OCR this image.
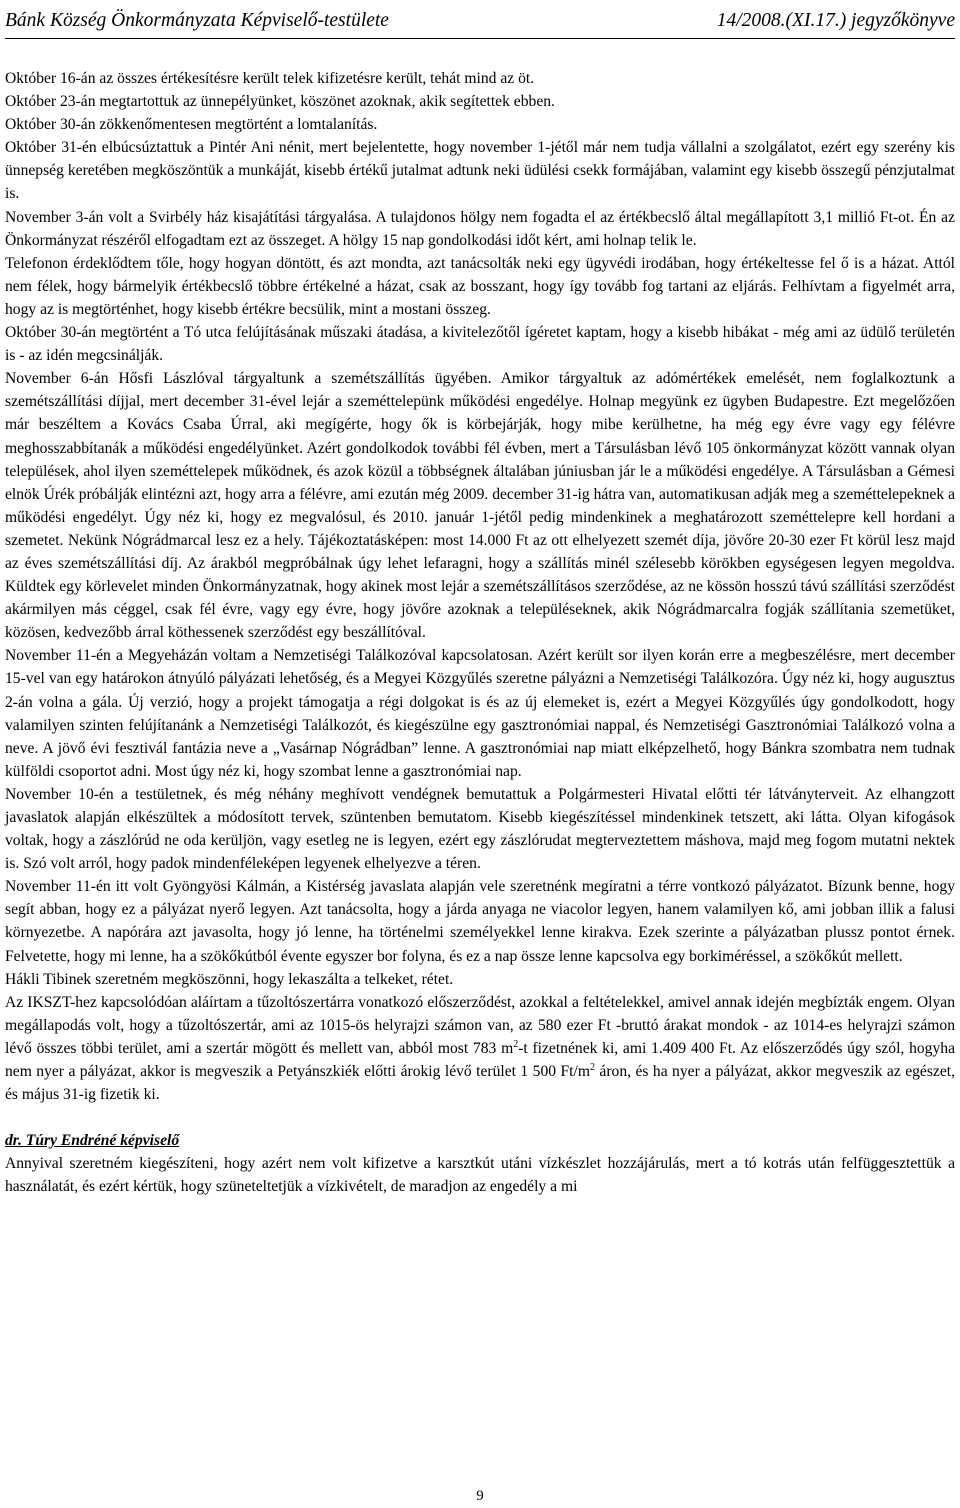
Bánk Község Önkormányzata Képviselő-testülete	14/2008.(XI.17.) jegyzőkönyve

Október 16-án az összes értékesítésre került telek kifizetésre került, tehát mind az öt.

Október 23-án megtartottuk az ünnepélyünket, köszönet azoknak, akik segítettek ebben.

Október 30-án zökkenőmentesen megtörtént a lomtalanítás.

Október 31-én elbúcsúztattuk a Pintér Ani nénit, mert bejelentette, hogy november 1-jétől már nem tudja vállalni a szolgálatot, ezért egy szerény kis ünnepség keretében megköszöntük a munkáját, kisebb értékű jutalmat adtunk neki üdülési csekk formájában, valamint egy kisebb összegű pénzjutalmat is.

November 3-án volt a Svirbély ház kisajátítási tárgyalása. A tulajdonos hölgy nem fogadta el az értékbecslő által megállapított 3,1 millió Ft-ot. Én az Önkormányzat részéről elfogadtam ezt az összeget. A hölgy 15 nap gondolkodási időt kért, ami holnap telik le.

Telefonon érdeklődtem tőle, hogy hogyan döntött, és azt mondta, azt tanácsolták neki egy ügyvédi irodában, hogy értékeltesse fel ő is a házat. Attól nem félek, hogy bármelyik értékbecslő többre értékelné a házat, csak az bosszant, hogy így tovább fog tartani az eljárás. Felhívtam a figyelmét arra, hogy az is megtörténhet, hogy kisebb értékre becsülik, mint a mostani összeg.

Október 30-án megtörtént a Tó utca felújításának műszaki átadása, a kivitelezőtől ígéretet kaptam, hogy a kisebb hibákat - még ami az üdülő területén is - az idén megcsinálják.

November 6-án Hősfi Lászlóval tárgyaltunk a szemétszállítás ügyében. Amikor tárgyaltuk az adómértékek emelését, nem foglalkoztunk a szemétszállítási díjjal, mert december 31-ével lejár a szeméttelepünk működési engedélye. Holnap megyünk ez ügyben Budapestre. Ezt megelőzően már beszéltem a Kovács Csaba Úrral, aki megígérte, hogy ők is körbejárják, hogy mibe kerülhetne, ha még egy évre vagy egy félévre meghosszabbítanák a működési engedélyünket. Azért gondolkodok további fél évben, mert a Társulásban lévő 105 önkormányzat között vannak olyan települések, ahol ilyen szeméttelepek működnek, és azok közül a többségnek általában júniusban jár le a működési engedélye. A Társulásban a Gémesi elnök Úrék próbálják elintézni azt, hogy arra a félévre, ami ezután még 2009. december 31-ig hátra van, automatikusan adják meg a szeméttelepeknek a működési engedélyt. Úgy néz ki, hogy ez megvalósul, és 2010. január 1-jétől pedig mindenkinek a meghatározott szeméttelepre kell hordani a szemetet. Nekünk Nógrádmarcal lesz ez a hely. Tájékoztatásképen: most 14.000 Ft az ott elhelyezett szemét díja, jövőre 20-30 ezer Ft körül lesz majd az éves szemétszállítási díj. Az árakból megpróbálnak úgy lehet lefaragni, hogy a szállítás minél szélesebb körökben egységesen legyen megoldva. Küldtek egy körlevelet minden Önkormányzatnak, hogy akinek most lejár a szemétszállításos szerződése, az ne kössön hosszú távú szállítási szerződést akármilyen más céggel, csak fél évre, vagy egy évre, hogy jövőre azoknak a településeknek, akik Nógrádmarcalra fogják szállítania szemetüket, közösen, kedvezőbb árral köthessenek szerződést egy beszállítóval.

November 11-én a Megyeházán voltam a Nemzetiségi Találkozóval kapcsolatosan. Azért került sor ilyen korán erre a megbeszélésre, mert december 15-vel van egy határokon átnyúló pályázati lehetőség, és a Megyei Közgyűlés szeretne pályázni a Nemzetiségi Találkozóra. Úgy néz ki, hogy augusztus 2-án volna a gála. Új verzió, hogy a projekt támogatja a régi dolgokat is és az új elemeket is, ezért a Megyei Közgyűlés úgy gondolkodott, hogy valamilyen szinten felújítanánk a Nemzetiségi Találkozót, és kiegészülne egy gasztronómiai nappal, és Nemzetiségi Gasztronómiai Találkozó volna a neve. A jövő évi fesztivál fantázia neve a „Vasárnap Nógrádban” lenne. A gasztronómiai nap miatt elképzelhető, hogy Bánkra szombatra nem tudnak külföldi csoportot adni. Most úgy néz ki, hogy szombat lenne a gasztronómiai nap.

November 10-én a testületnek, és még néhány meghívott vendégnek bemutattuk a Polgármesteri Hivatal előtti tér látványterveit. Az elhangzott javaslatok alapján elkészültek a módosított tervek, szüntenben bemutatom. Kisebb kiegészítéssel mindenkinek tetszett, aki látta. Olyan kifogások voltak, hogy a zászlórúd ne oda kerüljön, vagy esetleg ne is legyen, ezért egy zászlórudat megterveztettem máshova, majd meg fogom mutatni nektek is. Szó volt arról, hogy padok mindenféleképen legyenek elhelyezve a téren.

November 11-én itt volt Gyöngyösi Kálmán, a Kistérség javaslata alapján vele szeretnénk megíratni a térre vontkozó pályázatot. Bízunk benne, hogy segít abban, hogy ez a pályázat nyerő legyen. Azt tanácsolta, hogy a járda anyaga ne viacolor legyen, hanem valamilyen kő, ami jobban illik a falusi környezetbe. A napórára azt javasolta, hogy jó lenne, ha történelmi személyekkel lenne kirakva. Ezek szerinte a pályázatban plussz pontot érnek. Felvetette, hogy mi lenne, ha a szökőkútból évente egyszer bor folyna, és ez a nap össze lenne kapcsolva egy borkiméréssel, a szökőkút mellett.

Hákli Tibinek szeretném megköszönni, hogy lekaszálta a telkeket, rétet.

Az IKSZT-hez kapcsolódóan aláírtam a tűzoltószertárra vonatkozó előszerződést, azokkal a feltételekkel, amivel annak idején megbízták engem. Olyan megállapodás volt, hogy a tűzoltószertár, ami az 1015-ös helyrajzi számon van, az 580 ezer Ft -bruttó árakat mondok - az 1014-es helyrajzi számon lévő összes többi terület, ami a szertár mögött és mellett van, abból most 783 $m^2-t$ fizetnének ki, ami 1.409 400 Ft. Az előszerződés úgy szól, hogyha nem nyer a pályázat, akkor is megveszik a Petyánszkiék előtti árokig lévő terület 1 500 $Ft/m^2$ áron, és ha nyer a pályázat, akkor megveszik az egészet, és május 31-ig fizetik ki.

dr. Túry Endréné képviselő

Annyival szeretném kiegészíteni, hogy azért nem volt kifizetve a karsztkút utáni vízkészlet hozzájárulás, mert a tó kotrás után felfüggesztettük a használatát, és ezért kértük, hogy szüneteltetjük a vízkivételt, de maradjon az engedély a mi

9
